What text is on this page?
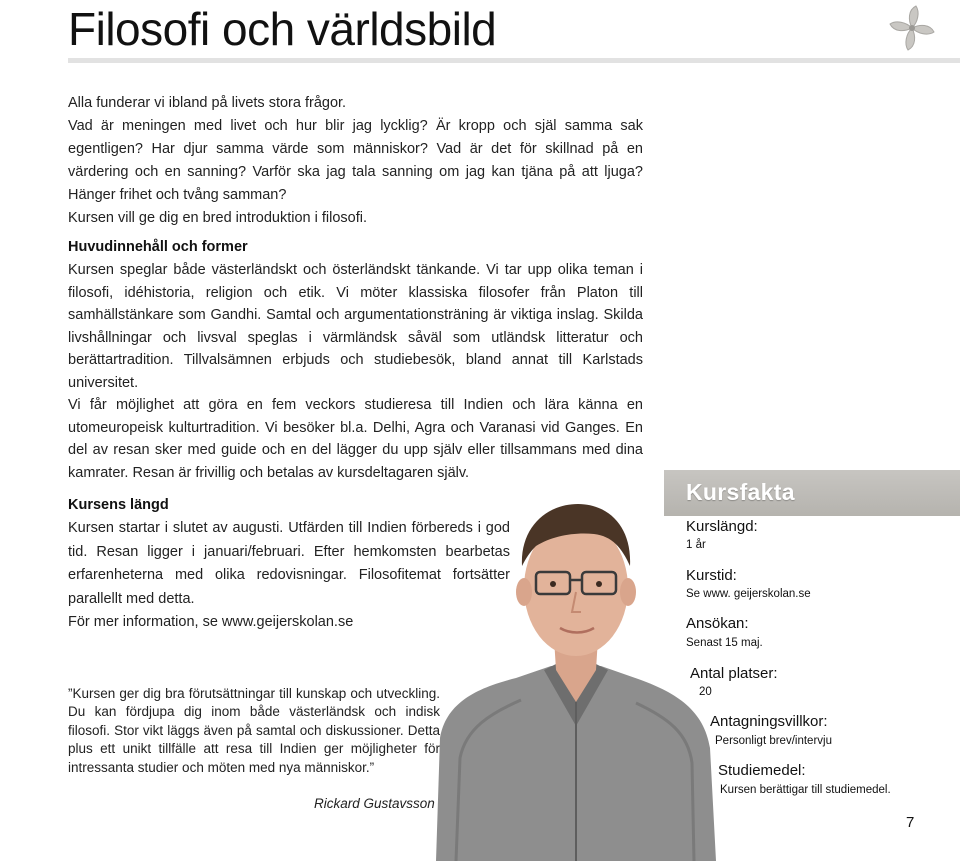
Filosofi och världsbild

Alla funderar vi ibland på livets stora frågor.

Vad är meningen med livet och hur blir jag lycklig? Är kropp och själ samma sak egentligen? Har djur samma värde som människor? Vad är det för skillnad på en värdering och en sanning? Varför ska jag tala sanning om jag kan tjäna på att ljuga? Hänger frihet och tvång samman?

Kursen vill ge dig en bred introduktion i filosofi.

Huvudinnehåll och former

Kursen speglar både västerländskt och österländskt tänkande. Vi tar upp olika teman i filosofi, idéhistoria, religion och etik. Vi möter klassiska filosofer från Platon till samhällstänkare som Gandhi. Samtal och argumentationsträning är viktiga inslag. Skilda livshållningar och livsval speglas i värmländsk såväl som utländsk litteratur och berättartradition. Tillvalsämnen erbjuds och studiebesök, bland annat till Karlstads universitet.

Vi får möjlighet att göra en fem veckors studieresa till Indien och lära känna en utomeuropeisk kulturtradition. Vi besöker bl.a. Delhi, Agra och Varanasi vid Ganges. En del av resan sker med guide och en del lägger du upp själv eller tillsammans med dina kamrater. Resan är frivillig och betalas av kursdeltagaren själv.

Kursens längd

Kursen startar i slutet av augusti. Utfärden till Indien förbereds i god tid. Resan ligger i januari/februari. Efter hemkomsten bearbetas erfarenheterna med olika redovisningar. Filosofitemat fortsätter parallellt med detta.

För mer information, se www.geijerskolan.se

”Kursen ger dig bra förutsättningar till kunskap och utveckling. Du kan fördjupa dig inom både västerländsk och indisk filosofi. Stor vikt läggs även på samtal och diskussioner. Detta plus ett unikt tillfälle att resa till Indien ger möjligheter för intressanta studier och möten med nya människor.”

Rickard Gustavsson
Kursfakta
Kurslängd:
1 år
Kurstid:
Se www. geijerskolan.se
Ansökan:
Senast 15 maj.
Antal platser:
20
Antagningsvillkor:
Personligt brev/intervju
Studiemedel:
Kursen berättigar till studiemedel.
7
